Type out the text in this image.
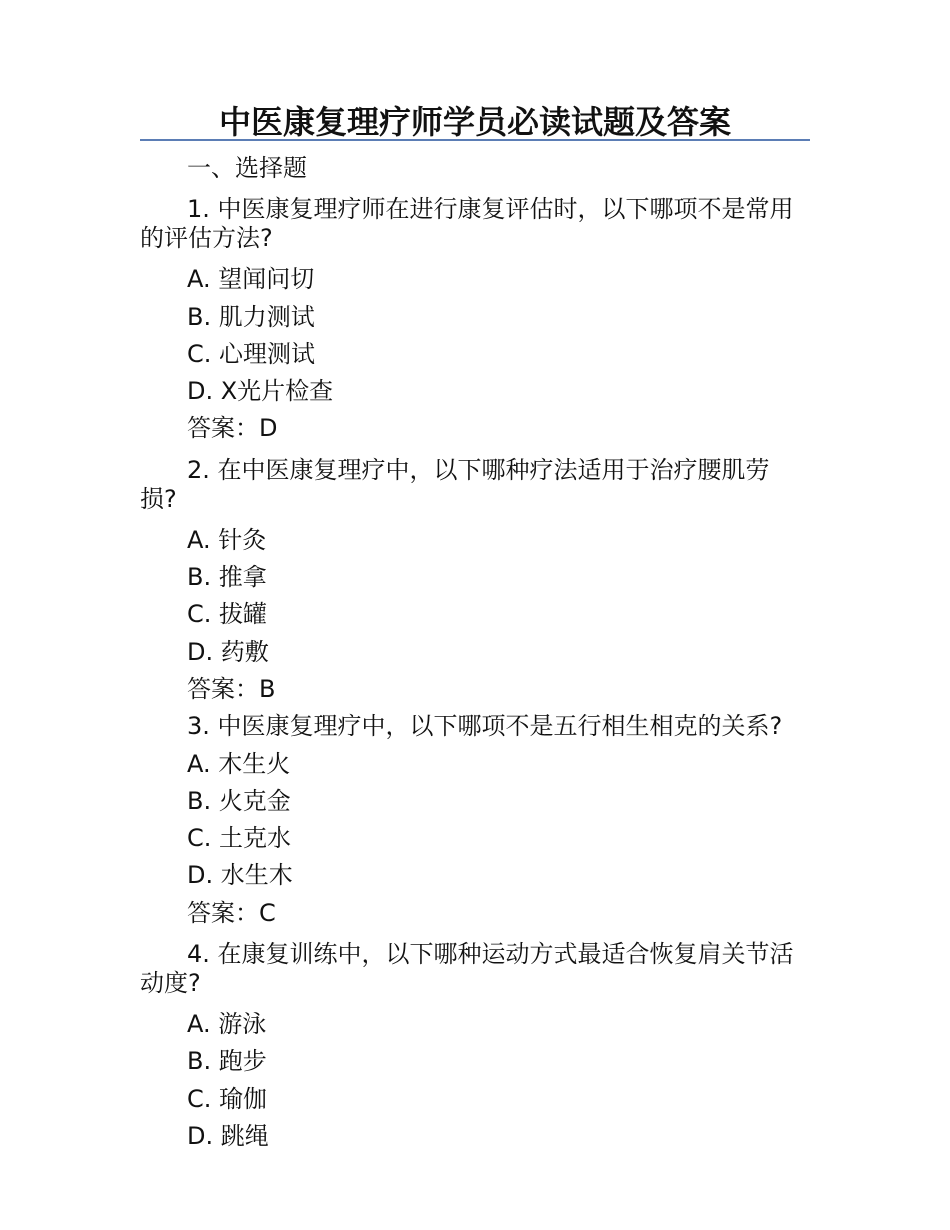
中医康复理疗师学员必读试题及答案
一、选择题
1. 中医康复理疗师在进行康复评估时，以下哪项不是常用
的评估方法?
A. 望闻问切
B. 肌力测试
C. 心理测试
D. X光片检查
答案：D
2. 在中医康复理疗中，以下哪种疗法适用于治疗腰肌劳
损?
A. 针灸
B. 推拿
C. 拔罐
D. 药敷
答案：B
3. 中医康复理疗中，以下哪项不是五行相生相克的关系?
A. 木生火
B. 火克金
C. 土克水
D. 水生木
答案：C
4. 在康复训练中，以下哪种运动方式最适合恢复肩关节活
动度?
A. 游泳
B. 跑步
C. 瑜伽
D. 跳绳
